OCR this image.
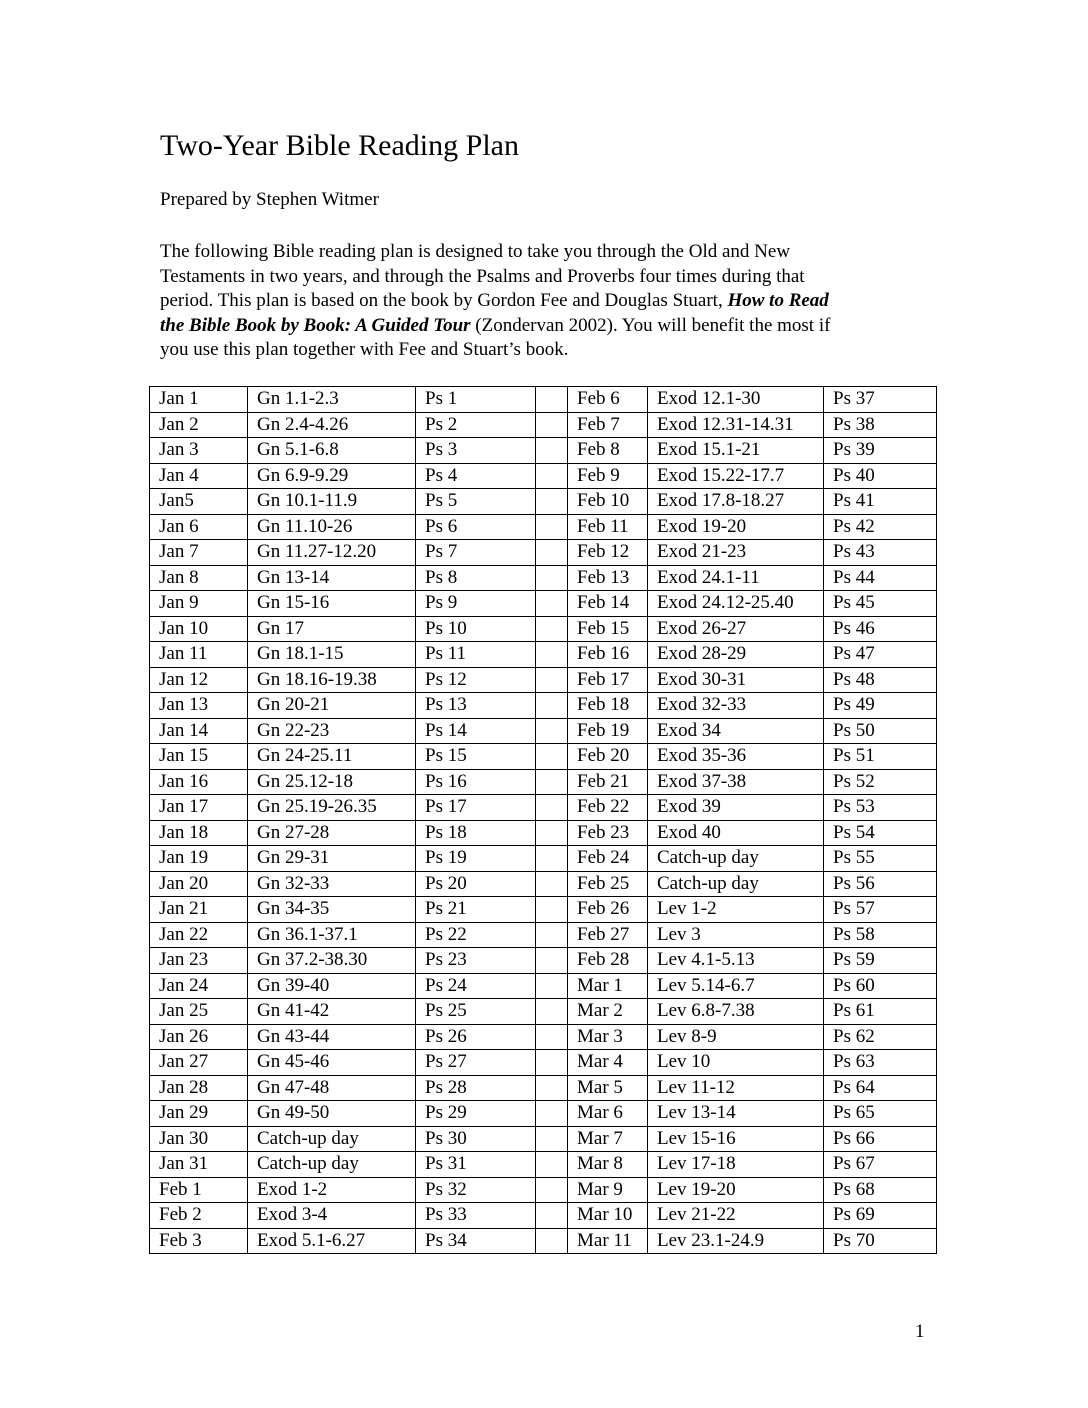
Two-Year Bible Reading Plan

Prepared by Stephen Witmer

The following Bible reading plan is designed to take you through the Old and New
Testaments in two years, and through the Psalms and Proverbs four times during that
period. This plan is based on the book by Gordon Fee and Douglas Stuart, How to Read
the Bible Book by Book: A Guided Tour (Zondervan 2002). You will benefit the most if
you use this plan together with Fee and Stuart’s book.

Jan 1	Gn 1.1-2.3	Ps 1		Feb 6	Exod 12.1-30	Ps 37
Jan 2	Gn 2.4-4.26	Ps 2		Feb 7	Exod 12.31-14.31	Ps 38
Jan 3	Gn 5.1-6.8	Ps 3		Feb 8	Exod 15.1-21	Ps 39
Jan 4	Gn 6.9-9.29	Ps 4		Feb 9	Exod 15.22-17.7	Ps 40
Jan5	Gn 10.1-11.9	Ps 5		Feb 10	Exod 17.8-18.27	Ps 41
Jan 6	Gn 11.10-26	Ps 6		Feb 11	Exod 19-20	Ps 42
Jan 7	Gn 11.27-12.20	Ps 7		Feb 12	Exod 21-23	Ps 43
Jan 8	Gn 13-14	Ps 8		Feb 13	Exod 24.1-11	Ps 44
Jan 9	Gn 15-16	Ps 9		Feb 14	Exod 24.12-25.40	Ps 45
Jan 10	Gn 17	Ps 10		Feb 15	Exod 26-27	Ps 46
Jan 11	Gn 18.1-15	Ps 11		Feb 16	Exod 28-29	Ps 47
Jan 12	Gn 18.16-19.38	Ps 12		Feb 17	Exod 30-31	Ps 48
Jan 13	Gn 20-21	Ps 13		Feb 18	Exod 32-33	Ps 49
Jan 14	Gn 22-23	Ps 14		Feb 19	Exod 34	Ps 50
Jan 15	Gn 24-25.11	Ps 15		Feb 20	Exod 35-36	Ps 51
Jan 16	Gn 25.12-18	Ps 16		Feb 21	Exod 37-38	Ps 52
Jan 17	Gn 25.19-26.35	Ps 17		Feb 22	Exod 39	Ps 53
Jan 18	Gn 27-28	Ps 18		Feb 23	Exod 40	Ps 54
Jan 19	Gn 29-31	Ps 19		Feb 24	Catch-up day	Ps 55
Jan 20	Gn 32-33	Ps 20		Feb 25	Catch-up day	Ps 56
Jan 21	Gn 34-35	Ps 21		Feb 26	Lev 1-2	Ps 57
Jan 22	Gn 36.1-37.1	Ps 22		Feb 27	Lev 3	Ps 58
Jan 23	Gn 37.2-38.30	Ps 23		Feb 28	Lev 4.1-5.13	Ps 59
Jan 24	Gn 39-40	Ps 24		Mar 1	Lev 5.14-6.7	Ps 60
Jan 25	Gn 41-42	Ps 25		Mar 2	Lev 6.8-7.38	Ps 61
Jan 26	Gn 43-44	Ps 26		Mar 3	Lev 8-9	Ps 62
Jan 27	Gn 45-46	Ps 27		Mar 4	Lev 10	Ps 63
Jan 28	Gn 47-48	Ps 28		Mar 5	Lev 11-12	Ps 64
Jan 29	Gn 49-50	Ps 29		Mar 6	Lev 13-14	Ps 65
Jan 30	Catch-up day	Ps 30		Mar 7	Lev 15-16	Ps 66
Jan 31	Catch-up day	Ps 31		Mar 8	Lev 17-18	Ps 67
Feb 1	Exod 1-2	Ps 32		Mar 9	Lev 19-20	Ps 68
Feb 2	Exod 3-4	Ps 33		Mar 10	Lev 21-22	Ps 69
Feb 3	Exod 5.1-6.27	Ps 34		Mar 11	Lev 23.1-24.9	Ps 70

1
